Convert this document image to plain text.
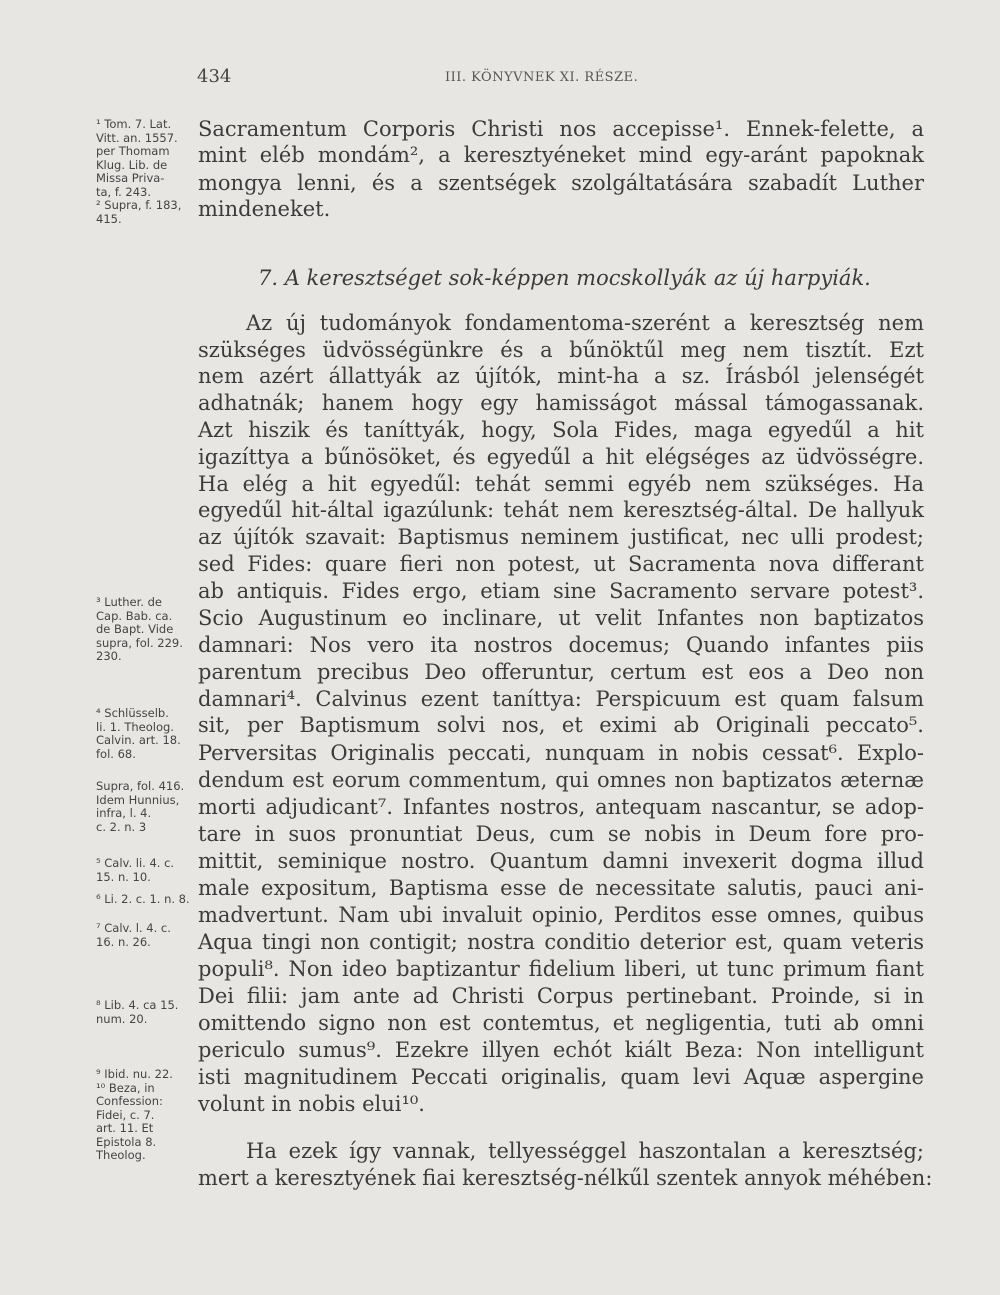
434	III. KÖNYVNEK XI. RÉSZE.
¹ Tom. 7. Lat.
Vitt. an. 1557.
per Thomam
Klug. Lib. de
Missa Priva-
ta, f. 243.
² Supra, f. 183,
415.
³ Luther. de
Cap. Bab. ca.
de Bapt. Vide
supra, fol. 229.
230.
⁴ Schlüsselb.
li. 1. Theolog.
Calvin. art. 18.
fol. 68.
Supra, fol. 416.
Idem Hunnius,
infra, l. 4.
c. 2. n. 3
⁵ Calv. li. 4. c.
15. n. 10.
⁶ Li. 2. c. 1. n. 8.
⁷ Calv. l. 4. c.
16. n. 26.
⁸ Lib. 4. ca 15.
num. 20.
⁹ Ibid. nu. 22.
¹⁰ Beza, in
Confession:
Fidei, c. 7.
art. 11. Et
Epistola 8.
Theolog.
7. A keresztséget sok-képpen mocskollyák az új harpyiák.
Sacramentum Corporis Christi nos accepisse¹. Ennek-felette, a
mint eléb mondám², a keresztyéneket mind egy-aránt papoknak
mongya lenni, és a szentségek szolgáltatására szabadít Luther
mindeneket.
Az új tudományok fondamentoma-szerént a keresztség nem
szükséges üdvösségünkre és a bűnöktűl meg nem tisztít. Ezt
nem azért állattyák az újítók, mint-ha a sz. Írásból jelenségét
adhatnák; hanem hogy egy hamisságot mással támogassanak.
Azt hiszik és taníttyák, hogy, Sola Fides, maga egyedűl a hit
igazíttya a bűnösöket, és egyedűl a hit elégséges az üdvösségre.
Ha elég a hit egyedűl: tehát semmi egyéb nem szükséges. Ha
egyedűl hit-által igazúlunk: tehát nem keresztség-által. De hallyuk
az újítók szavait: Baptismus neminem justificat, nec ulli prodest;
sed Fides: quare fieri non potest, ut Sacramenta nova differant
ab antiquis. Fides ergo, etiam sine Sacramento servare potest³.
Scio Augustinum eo inclinare, ut velit Infantes non baptizatos
damnari: Nos vero ita nostros docemus; Quando infantes piis
parentum precibus Deo offeruntur, certum est eos a Deo non
damnari⁴. Calvinus ezent taníttya: Perspicuum est quam falsum
sit, per Baptismum solvi nos, et eximi ab Originali peccato⁵.
Perversitas Originalis peccati, nunquam in nobis cessat⁶. Explo-
dendum est eorum commentum, qui omnes non baptizatos æternæ
morti adjudicant⁷. Infantes nostros, antequam nascantur, se adop-
tare in suos pronuntiat Deus, cum se nobis in Deum fore pro-
mittit, seminique nostro. Quantum damni invexerit dogma illud
male expositum, Baptisma esse de necessitate salutis, pauci ani-
madvertunt. Nam ubi invaluit opinio, Perditos esse omnes, quibus
Aqua tingi non contigit; nostra conditio deterior est, quam veteris
populi⁸. Non ideo baptizantur fidelium liberi, ut tunc primum fiant
Dei filii: jam ante ad Christi Corpus pertinebant. Proinde, si in
omittendo signo non est contemtus, et negligentia, tuti ab omni
periculo sumus⁹. Ezekre illyen echót kiált Beza: Non intelligunt
isti magnitudinem Peccati originalis, quam levi Aquæ aspergine
volunt in nobis elui¹⁰.
Ha ezek így vannak, tellyességgel haszontalan a keresztség;
mert a keresztyének fiai keresztség-nélkűl szentek annyok méhében:
